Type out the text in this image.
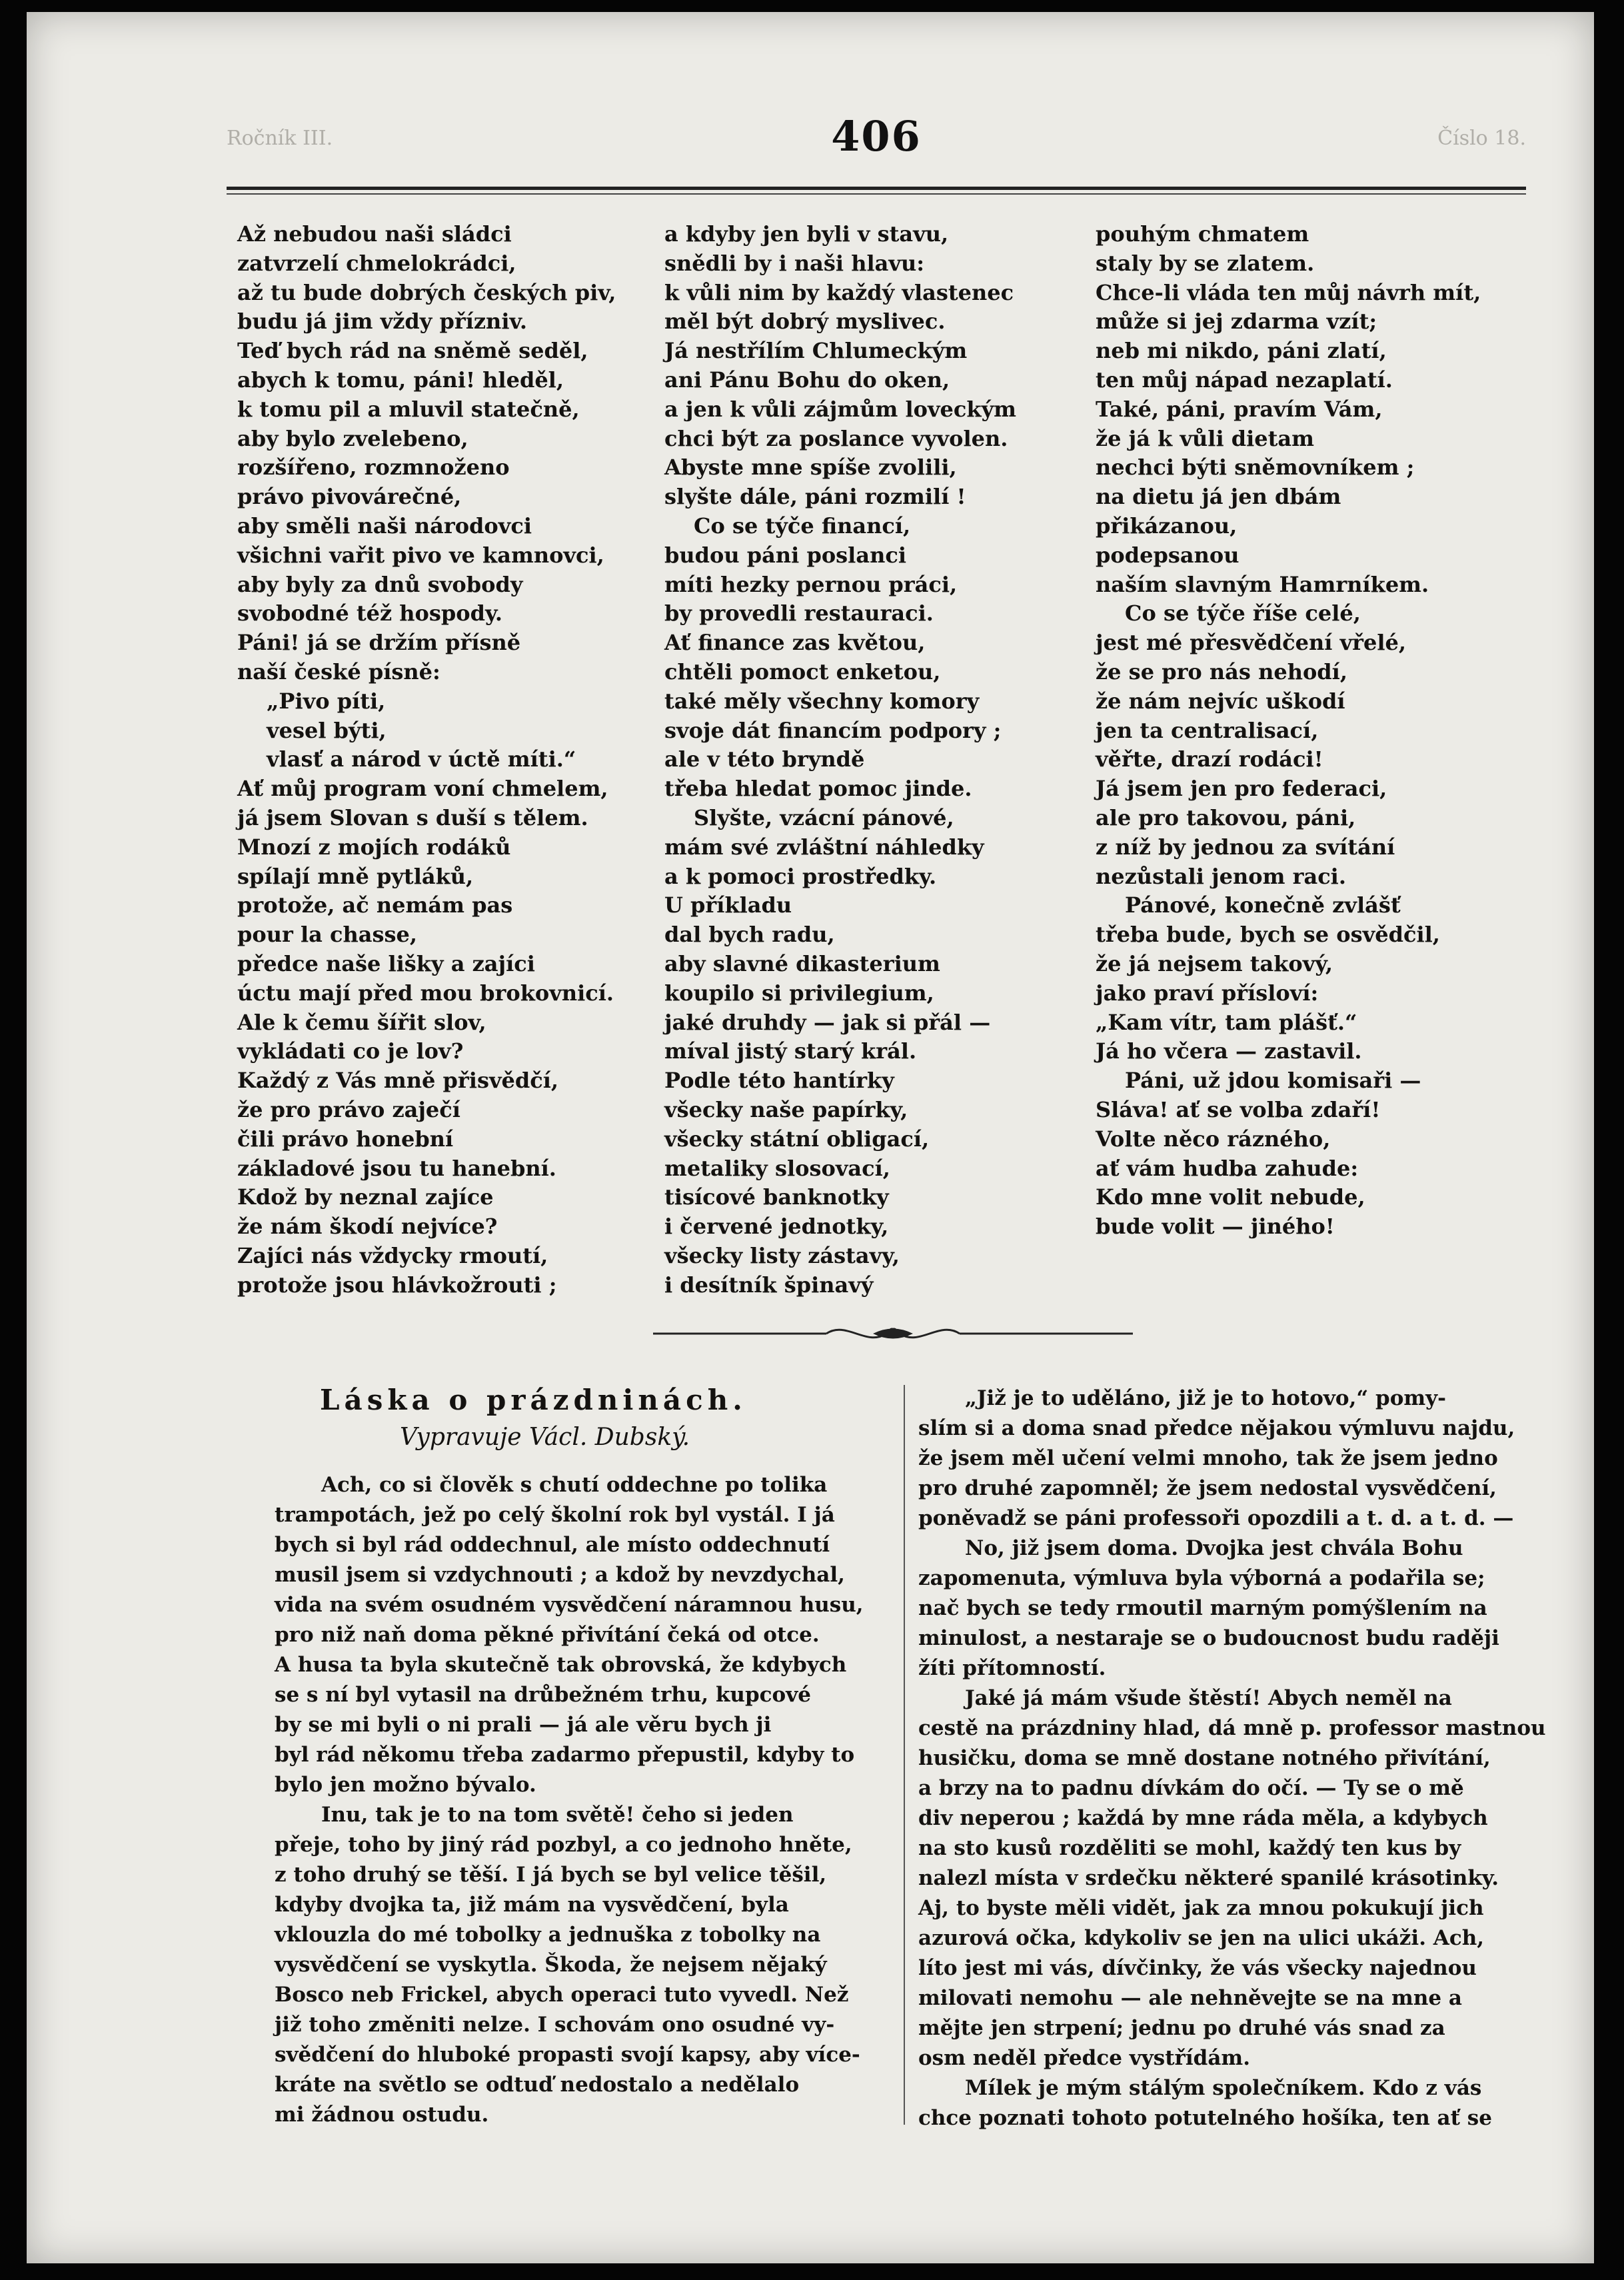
Ročník III.	406	Číslo 18.
Až nebudou naši sládci
zatvrzelí chmelokrádci,
až tu bude dobrých českých piv,
budu já jim vždy přízniv.
Teď bych rád na sněmě seděl,
abych k tomu, páni! hleděl,
k tomu pil a mluvil statečně,
aby bylo zvelebeno,
rozšířeno, rozmnoženo
právo pivovárečné,
aby směli naši národovci
všichni vařit pivo ve kamnovci,
aby byly za dnů svobody
svobodné též hospody.
Páni! já se držím přísně
naší české písně:
„Pivo píti,
vesel býti,
vlasť a národ v úctě míti.“
Ať můj program voní chmelem,
já jsem Slovan s duší s tělem.
Mnozí z mojích rodáků
spílají mně pytláků,
protože, ač nemám pas
pour la chasse,
předce naše lišky a zajíci
úctu mají před mou brokovnicí.
Ale k čemu šířit slov,
vykládati co je lov?
Každý z Vás mně přisvědčí,
že pro právo zaječí
čili právo honební
základové jsou tu hanební.
Kdož by neznal zajíce
že nám škodí nejvíce?
Zajíci nás vždycky rmoutí,
protože jsou hlávkožrouti ;
a kdyby jen byli v stavu,
snědli by i naši hlavu:
k vůli nim by každý vlastenec
měl být dobrý myslivec.
Já nestřílím Chlumeckým
ani Pánu Bohu do oken,
a jen k vůli zájmům loveckým
chci být za poslance vyvolen.
Abyste mne spíše zvolili,
slyšte dále, páni rozmilí !
Co se týče financí,
budou páni poslanci
míti hezky pernou práci,
by provedli restauraci.
Ať finance zas květou,
chtěli pomoct enketou,
také měly všechny komory
svoje dát financím podpory ;
ale v této bryndě
třeba hledat pomoc jinde.
Slyšte, vzácní pánové,
mám své zvláštní náhledky
a k pomoci prostředky.
U příkladu
dal bych radu,
aby slavné dikasterium
koupilo si privilegium,
jaké druhdy — jak si přál —
míval jistý starý král.
Podle této hantírky
všecky naše papírky,
všecky státní obligací,
metaliky slosovací,
tisícové banknotky
i červené jednotky,
všecky listy zástavy,
i desítník špinavý
pouhým chmatem
staly by se zlatem.
Chce-li vláda ten můj návrh mít,
může si jej zdarma vzít;
neb mi nikdo, páni zlatí,
ten můj nápad nezaplatí.
Také, páni, pravím Vám,
že já k vůli dietam
nechci býti sněmovníkem ;
na dietu já jen dbám
přikázanou,
podepsanou
naším slavným Hamrníkem.
Co se týče říše celé,
jest mé přesvědčení vřelé,
že se pro nás nehodí,
že nám nejvíc uškodí
jen ta centralisací,
věřte, drazí rodáci!
Já jsem jen pro federaci,
ale pro takovou, páni,
z níž by jednou za svítání
nezůstali jenom raci.
Pánové, konečně zvlášť
třeba bude, bych se osvědčil,
že já nejsem takový,
jako praví přísloví:
„Kam vítr, tam plášť.“
Já ho včera — zastavil.
Páni, už jdou komisaři —
Sláva! ať se volba zdaří!
Volte něco rázného,
ať vám hudba zahude:
Kdo mne volit nebude,
bude volit — jiného!
Láska o prázdninách.
Vypravuje Václ. Dubský.
Ach, co si člověk s chutí oddechne po tolika
trampotách, jež po celý školní rok byl vystál. I já
bych si byl rád oddechnul, ale místo oddechnutí
musil jsem si vzdychnouti ; a kdož by nevzdychal,
vida na svém osudném vysvědčení náramnou husu,
pro niž naň doma pěkné přivítání čeká od otce.
A husa ta byla skutečně tak obrovská, že kdybych
se s ní byl vytasil na drůbežném trhu, kupcové
by se mi byli o ni prali — já ale věru bych ji
byl rád někomu třeba zadarmo přepustil, kdyby to
bylo jen možno bývalo.
Inu, tak je to na tom světě! čeho si jeden
přeje, toho by jiný rád pozbyl, a co jednoho hněte,
z toho druhý se těší. I já bych se byl velice těšil,
kdyby dvojka ta, již mám na vysvědčení, byla
vklouzla do mé tobolky a jednuška z tobolky na
vysvědčení se vyskytla. Škoda, že nejsem nějaký
Bosco neb Frickel, abych operaci tuto vyvedl. Než
již toho změniti nelze. I schovám ono osudné vy-
svědčení do hluboké propasti svojí kapsy, aby více-
kráte na světlo se odtuď nedostalo a nedělalo
mi žádnou ostudu.
„Již je to uděláno, již je to hotovo,“ pomy-
slím si a doma snad předce nějakou výmluvu najdu,
že jsem měl učení velmi mnoho, tak že jsem jedno
pro druhé zapomněl; že jsem nedostal vysvědčení,
poněvadž se páni professoři opozdili a t. d. a t. d. —
No, již jsem doma. Dvojka jest chvála Bohu
zapomenuta, výmluva byla výborná a podařila se;
nač bych se tedy rmoutil marným pomýšlením na
minulost, a nestaraje se o budoucnost budu raději
žíti přítomností.
Jaké já mám všude štěstí! Abych neměl na
cestě na prázdniny hlad, dá mně p. professor mastnou
husičku, doma se mně dostane notného přivítání,
a brzy na to padnu dívkám do očí. — Ty se o mě
div neperou ; každá by mne ráda měla, a kdybych
na sto kusů rozděliti se mohl, každý ten kus by
nalezl místa v srdečku některé spanilé krásotinky.
Aj, to byste měli vidět, jak za mnou pokukují jich
azurová očka, kdykoliv se jen na ulici ukáži. Ach,
líto jest mi vás, dívčinky, že vás všecky najednou
milovati nemohu — ale nehněvejte se na mne a
mějte jen strpení; jednu po druhé vás snad za
osm neděl předce vystřídám.
Mílek je mým stálým společníkem. Kdo z vás
chce poznati tohoto potutelného hošíka, ten ať se
